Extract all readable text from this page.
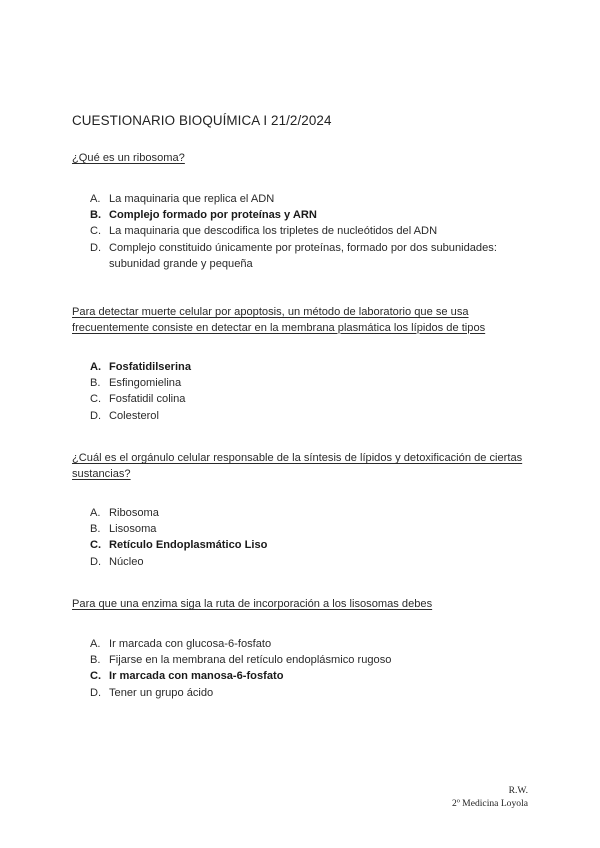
CUESTIONARIO BIOQUÍMICA I 21/2/2024
¿Qué es un ribosoma?
A. La maquinaria que replica el ADN
B. Complejo formado por proteínas y ARN
C. La maquinaria que descodifica los tripletes de nucleótidos del ADN
D. Complejo constituido únicamente por proteínas, formado por dos subunidades: subunidad grande y pequeña
Para detectar muerte celular por apoptosis, un método de laboratorio que se usa frecuentemente consiste en detectar en la membrana plasmática los lípidos de tipos
A. Fosfatidilserina
B. Esfingomielina
C. Fosfatidil colina
D. Colesterol
¿Cuál es el orgánulo celular responsable de la síntesis de lípidos y detoxificación de ciertas sustancias?
A. Ribosoma
B. Lisosoma
C. Retículo Endoplasmático Liso
D. Núcleo
Para que una enzima siga la ruta de incorporación a los lisosomas debes
A. Ir marcada con glucosa-6-fosfato
B. Fijarse en la membrana del retículo endoplásmico rugoso
C. Ir marcada con manosa-6-fosfato
D. Tener un grupo ácido
R.W.
2º Medicina Loyola
